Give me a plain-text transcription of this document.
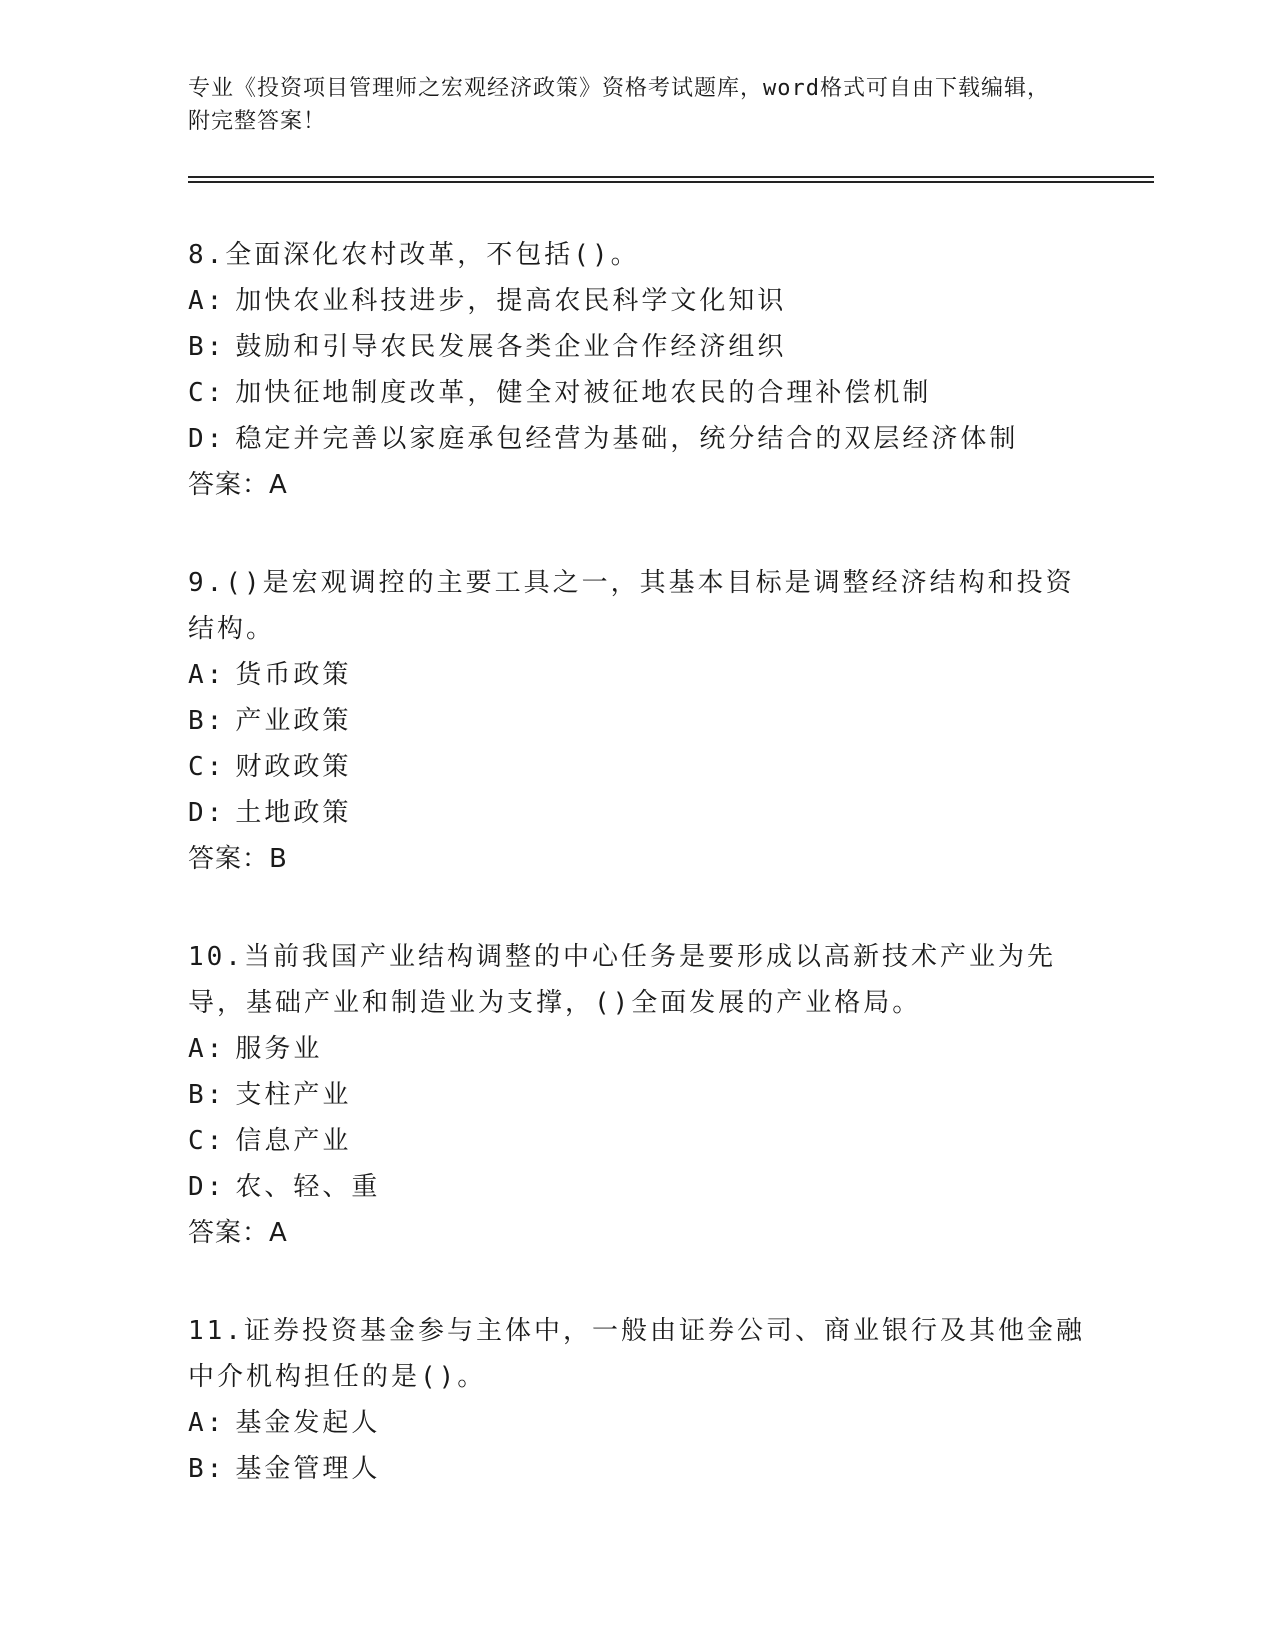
专业《投资项目管理师之宏观经济政策》资格考试题库，word格式可自由下载编辑，附完整答案！
8.全面深化农村改革，不包括()。
A: 加快农业科技进步，提高农民科学文化知识
B: 鼓励和引导农民发展各类企业合作经济组织
C: 加快征地制度改革，健全对被征地农民的合理补偿机制
D: 稳定并完善以家庭承包经营为基础，统分结合的双层经济体制
答案：A
9.()是宏观调控的主要工具之一，其基本目标是调整经济结构和投资结构。
A: 货币政策
B: 产业政策
C: 财政政策
D: 土地政策
答案：B
10.当前我国产业结构调整的中心任务是要形成以高新技术产业为先导，基础产业和制造业为支撑，()全面发展的产业格局。
A: 服务业
B: 支柱产业
C: 信息产业
D: 农、轻、重
答案：A
11.证券投资基金参与主体中，一般由证券公司、商业银行及其他金融中介机构担任的是()。
A: 基金发起人
B: 基金管理人
